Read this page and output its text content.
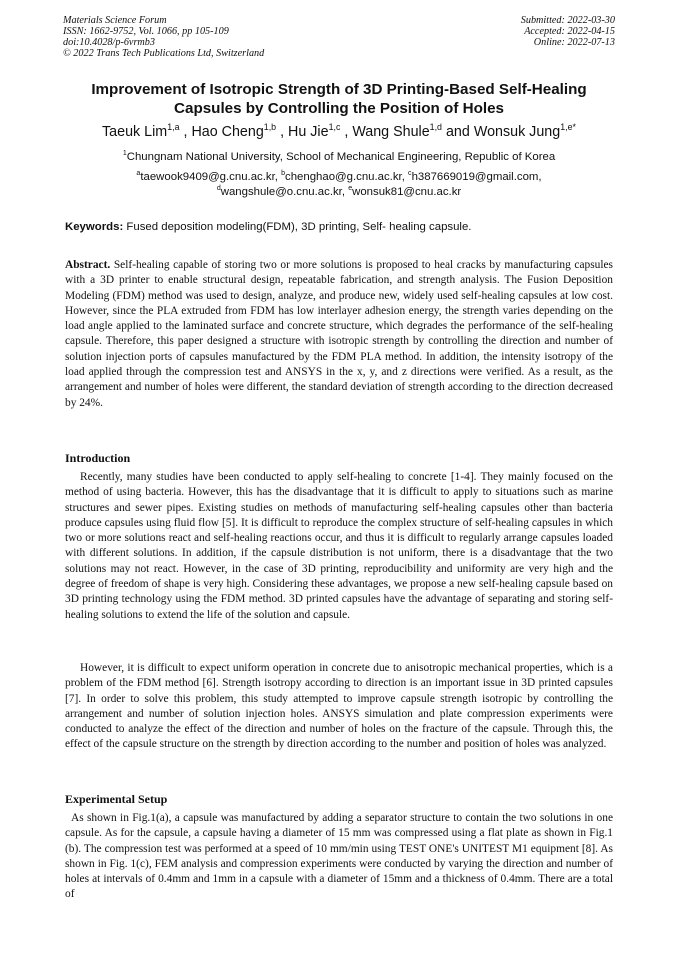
Materials Science Forum
ISSN: 1662-9752, Vol. 1066, pp 105-109
doi:10.4028/p-6vrmb3
© 2022 Trans Tech Publications Ltd, Switzerland
Submitted: 2022-03-30
Accepted: 2022-04-15
Online: 2022-07-13
Improvement of Isotropic Strength of 3D Printing-Based Self-Healing
Capsules by Controlling the Position of Holes
Taeuk Lim$^{1,a}$ , Hao Cheng$^{1,b}$ , Hu Jie$^{1,c}$ , Wang Shule$^{1,d}$ and Wonsuk Jung$^{1,e*}$
$^1$Chungnam National University, School of Mechanical Engineering, Republic of Korea
$^a$taewook9409@g.cnu.ac.kr, $^b$chenghao@g.cnu.ac.kr, $^c$h387669019@gmail.com,
$^d$wangshule@o.cnu.ac.kr, $^e$wonsuk81@cnu.ac.kr
Keywords: Fused deposition modeling(FDM), 3D printing, Self- healing capsule.

Abstract. Self-healing capable of storing two or more solutions is proposed to heal cracks by manufacturing capsules with a 3D printer to enable structural design, repeatable fabrication, and strength analysis. The Fusion Deposition Modeling (FDM) method was used to design, analyze, and produce new, widely used self-healing capsules at low cost. However, since the PLA extruded from FDM has low interlayer adhesion energy, the strength varies depending on the load angle applied to the laminated surface and concrete structure, which degrades the performance of the self-healing capsule. Therefore, this paper designed a structure with isotropic strength by controlling the direction and number of solution injection ports of capsules manufactured by the FDM PLA method. In addition, the intensity isotropy of the load applied through the compression test and ANSYS in the x, y, and z directions were verified. As a result, as the arrangement and number of holes were different, the standard deviation of strength according to the direction decreased by 24%.

Introduction

Recently, many studies have been conducted to apply self-healing to concrete [1-4]. They mainly focused on the method of using bacteria. However, this has the disadvantage that it is difficult to apply to situations such as marine structures and sewer pipes. Existing studies on methods of manufacturing self-healing capsules other than bacteria produce capsules using fluid flow [5]. It is difficult to reproduce the complex structure of self-healing capsules in which two or more solutions react and self-healing reactions occur, and thus it is difficult to regularly arrange capsules loaded with different solutions. In addition, if the capsule distribution is not uniform, there is a disadvantage that the two solutions may not react. However, in the case of 3D printing, reproducibility and uniformity are very high and the degree of freedom of shape is very high. Considering these advantages, we propose a new self-healing capsule based on 3D printing technology using the FDM method. 3D printed capsules have the advantage of separating and storing self-healing solutions to extend the life of the solution and capsule.

However, it is difficult to expect uniform operation in concrete due to anisotropic mechanical properties, which is a problem of the FDM method [6]. Strength isotropy according to direction is an important issue in 3D printed capsules [7]. In order to solve this problem, this study attempted to improve capsule strength isotropic by controlling the arrangement and number of solution injection holes. ANSYS simulation and plate compression experiments were conducted to analyze the effect of the direction and number of holes on the fracture of the capsule. Through this, the effect of the capsule structure on the strength by direction according to the number and position of holes was analyzed.

Experimental Setup

As shown in Fig.1(a), a capsule was manufactured by adding a separator structure to contain the two solutions in one capsule. As for the capsule, a capsule having a diameter of 15 mm was compressed using a flat plate as shown in Fig.1 (b). The compression test was performed at a speed of 10 mm/min using TEST ONE's UNITEST M1 equipment [8]. As shown in Fig. 1(c), FEM analysis and compression experiments were conducted by varying the direction and number of holes at intervals of 0.4mm and 1mm in a capsule with a diameter of 15mm and a thickness of 0.4mm. There are a total of
